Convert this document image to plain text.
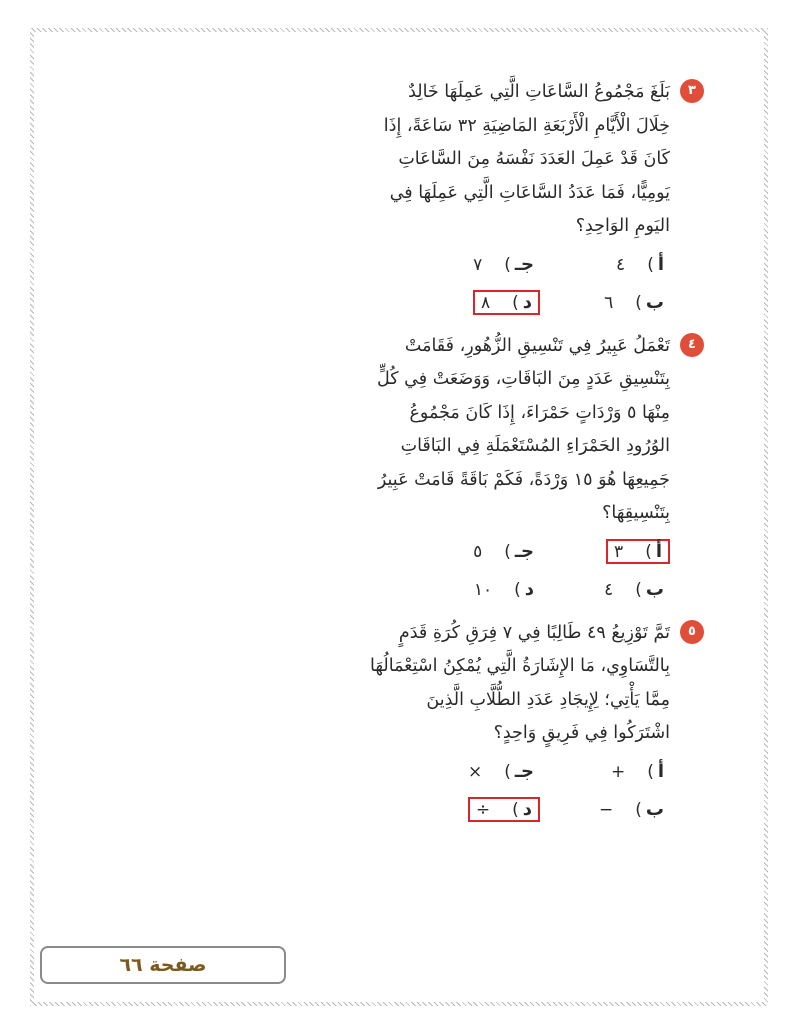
٣
بَلَغَ مَجْمُوعُ السَّاعَاتِ الَّتِي عَمِلَهَا خَالِدٌ خِلَالَ الْأَيَّامِ الْأَرْبَعَةِ المَاضِيَةِ ٣٢ سَاعَةً، إِذَا كَانَ قَدْ عَمِلَ العَدَدَ نَفْسَهُ مِنَ السَّاعَاتِ يَومِيًّا، فَمَا عَدَدُ السَّاعَاتِ الَّتِي عَمِلَهَا فِي اليَومِ الوَاحِدِ؟
أ
)
٤
جـ
)
٧
ب
)
٦
د
)
٨
٤
تَعْمَلُ عَبِيرُ فِي تَنْسِيقِ الزُّهُورِ، فَقَامَتْ بِتَنْسِيقِ عَدَدٍ مِنَ البَاقَاتِ، وَوَضَعَتْ فِي كُلٍّ مِنْهَا ٥ وَرْدَاتٍ حَمْرَاءَ، إِذَا كَانَ مَجْمُوعُ الوُرُودِ الحَمْرَاءِ المُسْتَعْمَلَةِ فِي البَاقَاتِ جَمِيعِهَا هُوَ ١٥ وَرْدَةً، فَكَمْ بَاقَةً قَامَتْ عَبِيرُ بِتَنْسِيقِهَا؟
أ
)
٣
جـ
)
٥
ب
)
٤
د
)
١٠
٥
تَمَّ تَوْزِيعُ ٤٩ طَالِبًا فِي ٧ فِرَقِ كُرَةِ قَدَمٍ بِالتَّسَاوِي، مَا الإِشَارَةُ الَّتِي يُمْكِنُ اسْتِعْمَالُهَا مِمَّا يَأْتِي؛ لِإِيجَادِ عَدَدِ الطُّلَّابِ الَّذِينَ اشْتَرَكُوا فِي فَرِيقٍ وَاحِدٍ؟
أ
)
+
جـ
)
×
ب
)
−
د
)
÷
صفحة ٦٦
